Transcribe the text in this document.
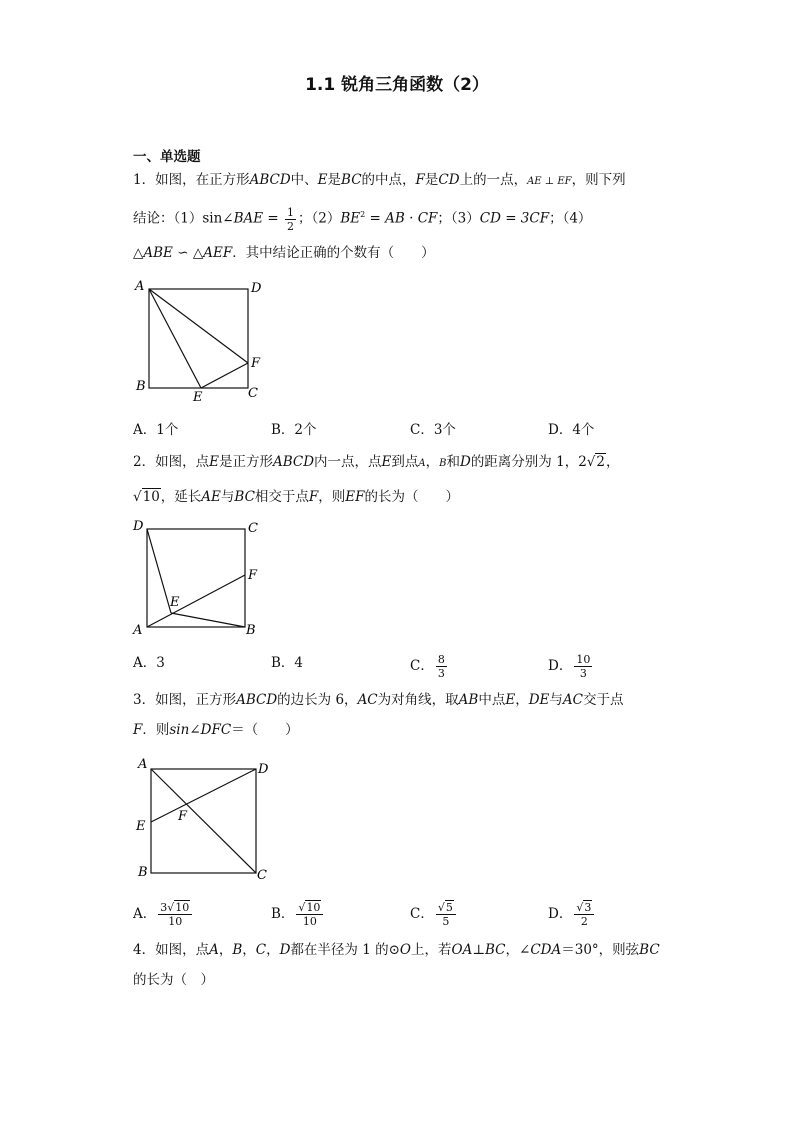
1.1 锐角三角函数（2）
一、单选题
1．如图，在正方形ABCD中、E是BC的中点，F是CD上的一点，AE ⊥ EF，则下列
结论：（1）sin∠BAE = $\frac{1}{2}$ ；$(2)BE^2$ = AB · CF；（3）CD = 3CF；（4）
△ABE ∽ △AEF．其中结论正确的个数有（　　）
A	D
F
B
E	C
A．1个	B．2个	C．3个	D．4个
2．如图，点E是正方形ABCD内一点，点E到点A，B和D的距离分别为 1，2√2，
√10，延长AE与BC相交于点F，则EF的长为（　　）
D	C
F
E
A	B
A．3	B．4	C． $\frac{8}{3}$	D． $\frac{10}{3}$
3．如图，正方形ABCD的边长为 6，AC为对角线，取AB中点E，DE与AC交于点
F．则sin∠DFC＝（　　）
A	D
F
E
B	C
A． $\frac{3√10}{10}$	B． $\frac{√10}{10}$	C． $\frac{√5}{5}$	D． $\frac{√3}{2}$
4．如图，点A，B，C，D都在半径为 1 的⊙O上，若OA⊥BC，∠CDA＝30°，则弦BC
的长为（　）
